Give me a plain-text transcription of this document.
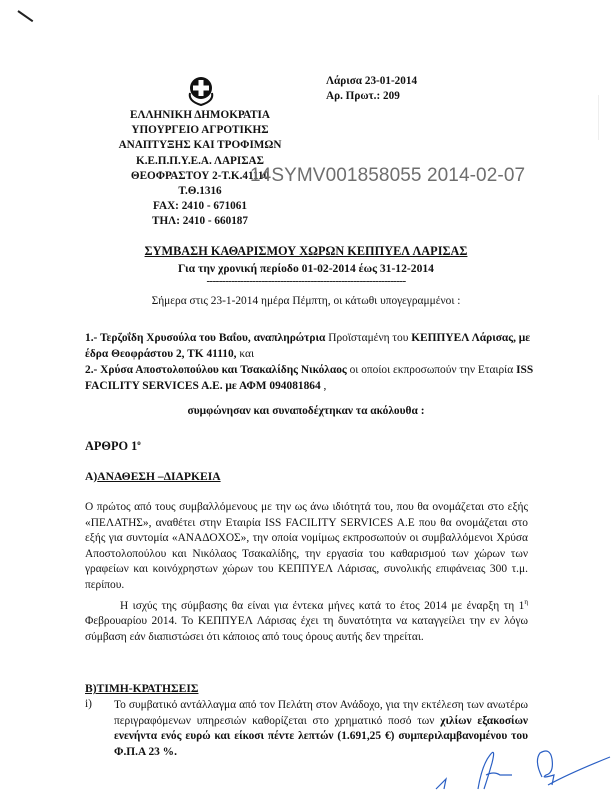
ΕΛΛΗΝΙΚΗ ΔΗΜΟΚΡΑΤΙΑ
ΥΠΟΥΡΓΕΙΟ ΑΓΡΟΤΙΚΗΣ
ΑΝΑΠΤΥΞΗΣ ΚΑΙ ΤΡΟΦΙΜΩΝ
Κ.Ε.Π.Π.Υ.Ε.Α. ΛΑΡΙΣΑΣ
ΘΕΟΦΡΑΣΤΟΥ 2-Τ.Κ.41110
Τ.Θ.1316
FAX: 2410 - 671061
ΤΗΛ: 2410 - 660187
Λάρισα 23-01-2014
Αρ. Πρωτ.: 209
14SYMV001858055 2014-02-07
ΣΥΜΒΑΣΗ ΚΑΘΑΡΙΣΜΟΥ ΧΩΡΩΝ ΚΕΠΠΥΕΛ ΛΑΡΙΣΑΣ
Για την χρονική περίοδο 01-02-2014 έως 31-12-2014
-----------------------------------------------------------------
Σήμερα στις 23-1-2014 ημέρα Πέμπτη, οι κάτωθι υπογεγραμμένοι :
1.- Τερζοΐδη Χρυσούλα του Βαΐου, αναπληρώτρια Προϊσταμένη του ΚΕΠΠΥΕΛ Λάρισας, με έδρα Θεοφράστου 2, ΤΚ 41110, και
2.- Χρύσα Αποστολοπούλου και Τσακαλίδης Νικόλαος οι οποίοι εκπροσωπούν την Εταιρία ISS FACILITY SERVICES A.E. με ΑΦΜ 094081864 ,
συμφώνησαν και συναποδέχτηκαν τα ακόλουθα :
ΑΡΘΡΟ $1^o$
Α)ΑΝΑΘΕΣΗ –ΔΙΑΡΚΕΙΑ
Ο πρώτος από τους συμβαλλόμενους με την ως άνω ιδιότητά του, που θα ονομάζεται στο εξής «ΠΕΛΑΤΗΣ», αναθέτει στην Εταιρία ISS FACILITY SERVICES A.E που θα ονομάζεται στο εξής για συντομία «ΑΝΑΔΟΧΟΣ», την οποία νομίμως εκπροσωπούν οι συμβαλλόμενοι Χρύσα Αποστολοπούλου και Νικόλαος Τσακαλίδης, την εργασία του καθαρισμού των χώρων των γραφείων και κοινόχρηστων χώρων του ΚΕΠΠΥΕΛ Λάρισας, συνολικής επιφάνειας 300 τ.μ. περίπου.
Η ισχύς της σύμβασης θα είναι για έντεκα μήνες κατά το έτος 2014 με έναρξη τη $1^\eta$ Φεβρουαρίου 2014. Το ΚΕΠΠΥΕΛ Λάρισας έχει τη δυνατότητα να καταγγείλει την εν λόγω σύμβαση εάν διαπιστώσει ότι κάποιος από τους όρους αυτής δεν τηρείται.
Β)ΤΙΜΗ-ΚΡΑΤΗΣΕΙΣ
i) Το συμβατικό αντάλλαγμα από τον Πελάτη στον Ανάδοχο, για την εκτέλεση των ανωτέρω περιγραφόμενων υπηρεσιών καθορίζεται στο χρηματικό ποσό των χιλίων εξακοσίων ενενήντα ενός ευρώ και είκοσι πέντε λεπτών (1.691,25 €) συμπεριλαμβανομένου του Φ.Π.Α 23 %.
